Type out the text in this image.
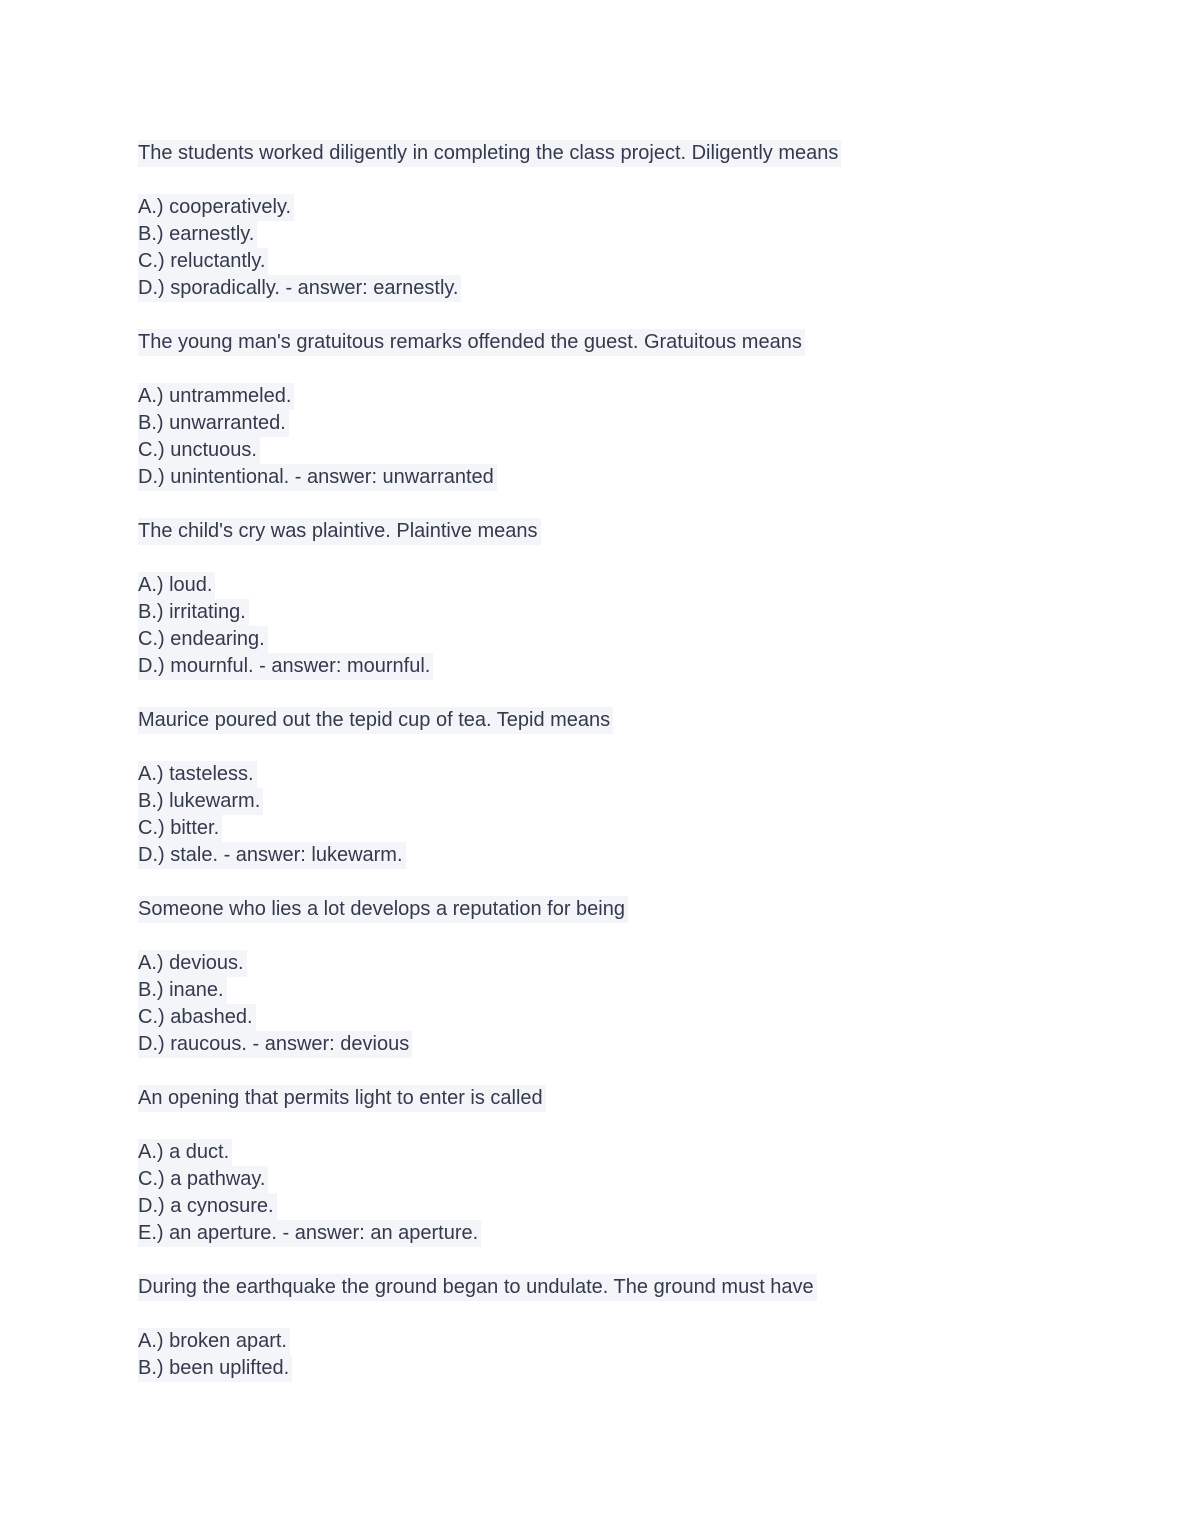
The students worked diligently in completing the class project. Diligently means

A.) cooperatively.

B.) earnestly.

C.) reluctantly.

D.) sporadically. - answer: earnestly.

The young man's gratuitous remarks offended the guest. Gratuitous means

A.) untrammeled.

B.) unwarranted.

C.) unctuous.

D.) unintentional. - answer: unwarranted

The child's cry was plaintive. Plaintive means

A.) loud.

B.) irritating.

C.) endearing.

D.) mournful. - answer: mournful.

Maurice poured out the tepid cup of tea. Tepid means

A.) tasteless.

B.) lukewarm.

C.) bitter.

D.) stale. - answer: lukewarm.

Someone who lies a lot develops a reputation for being

A.) devious.

B.) inane.

C.) abashed.

D.) raucous. - answer: devious

An opening that permits light to enter is called

A.) a duct.

C.) a pathway.

D.) a cynosure.

E.) an aperture. - answer: an aperture.

During the earthquake the ground began to undulate. The ground must have

A.) broken apart.

B.) been uplifted.
